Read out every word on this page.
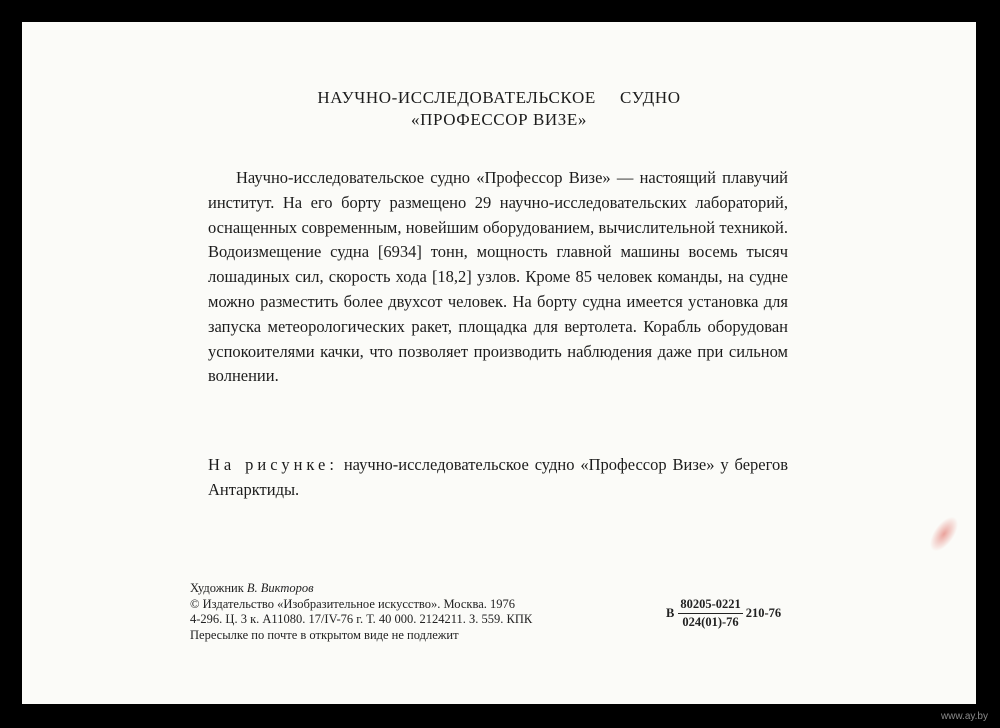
НАУЧНО-ИССЛЕДОВАТЕЛЬСКОЕ     СУДНО
«ПРОФЕССОР ВИЗЕ»

Научно-исследовательское судно «Профессор Визе» — настоящий плавучий институт. На его борту размещено 29 научно-исследовательских лабораторий, оснащенных современным, новейшим оборудованием, вычислительной техникой. Водоизмещение судна [6934] тонн, мощность главной машины восемь тысяч лошадиных сил, скорость хода [18,2] узлов. Кроме 85 человек команды, на судне можно разместить более двухсот человек. На борту судна имеется установка для запуска метеорологических ракет, площадка для вертолета. Корабль оборудован успокоителями качки, что позволяет производить наблюдения даже при сильном волнении.

На рисунке: научно-исследовательское судно «Профессор Визе» у берегов Антарктиды.
Художник В. Викторов
© Издательство «Изобразительное искусство». Москва. 1976
4-296. Ц. 3 к. А11080. 17/IV-76 г. Т. 40 000. 2124211. З. 559. КПК
Пересылке по почте в открытом виде не подлежит
В $\frac{80205-0221}{024(01)-76} 210-76$
www.ay.by
